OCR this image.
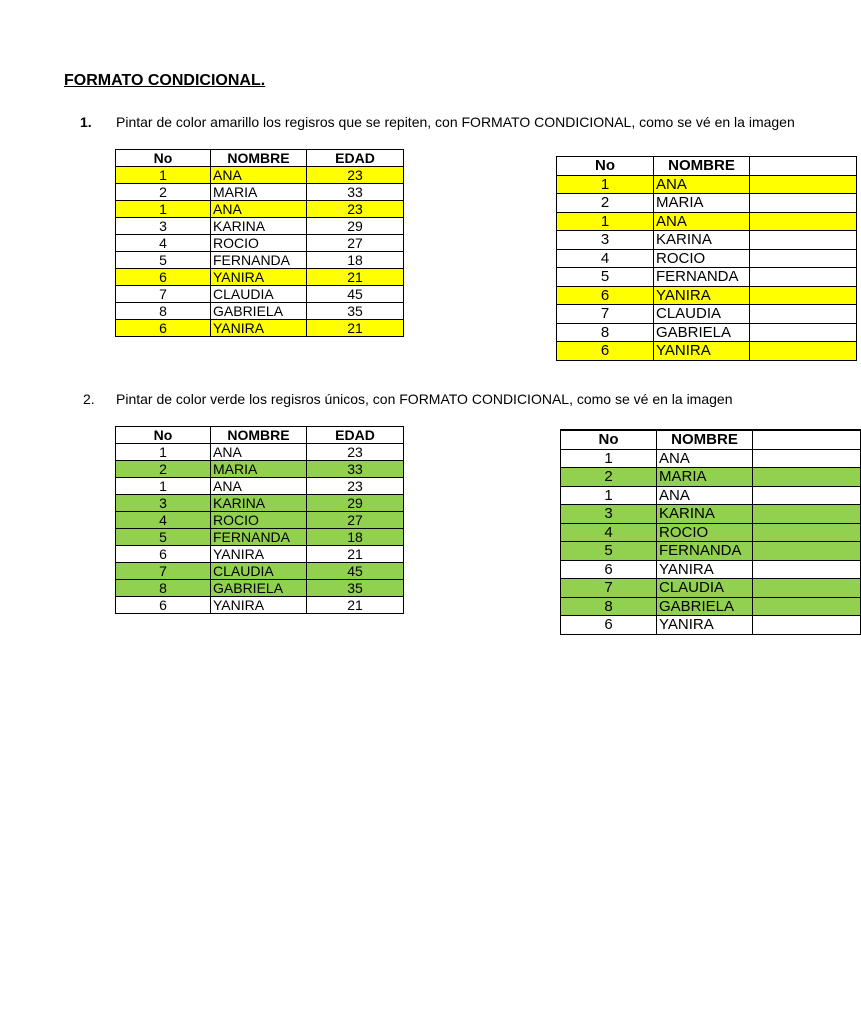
FORMATO CONDICIONAL.
1. Pintar de color amarillo los regisros que se repiten, con FORMATO CONDICIONAL, como se vé en la imagen
No	NOMBRE	EDAD
1	ANA	23
2	MARIA	33
1	ANA	23
3	KARINA	29
4	ROCIO	27
5	FERNANDA	18
6	YANIRA	21
7	CLAUDIA	45
8	GABRIELA	35
6	YANIRA	21
No	NOMBRE	
1	ANA	
2	MARIA	
1	ANA	
3	KARINA	
4	ROCIO	
5	FERNANDA	
6	YANIRA	
7	CLAUDIA	
8	GABRIELA	
6	YANIRA	
2. Pintar de color verde los regisros únicos, con FORMATO CONDICIONAL, como se vé en la imagen
No	NOMBRE	EDAD
1	ANA	23
2	MARIA	33
1	ANA	23
3	KARINA	29
4	ROCIO	27
5	FERNANDA	18
6	YANIRA	21
7	CLAUDIA	45
8	GABRIELA	35
6	YANIRA	21
No	NOMBRE	
1	ANA	
2	MARIA	
1	ANA	
3	KARINA	
4	ROCIO	
5	FERNANDA	
6	YANIRA	
7	CLAUDIA	
8	GABRIELA	
6	YANIRA	
